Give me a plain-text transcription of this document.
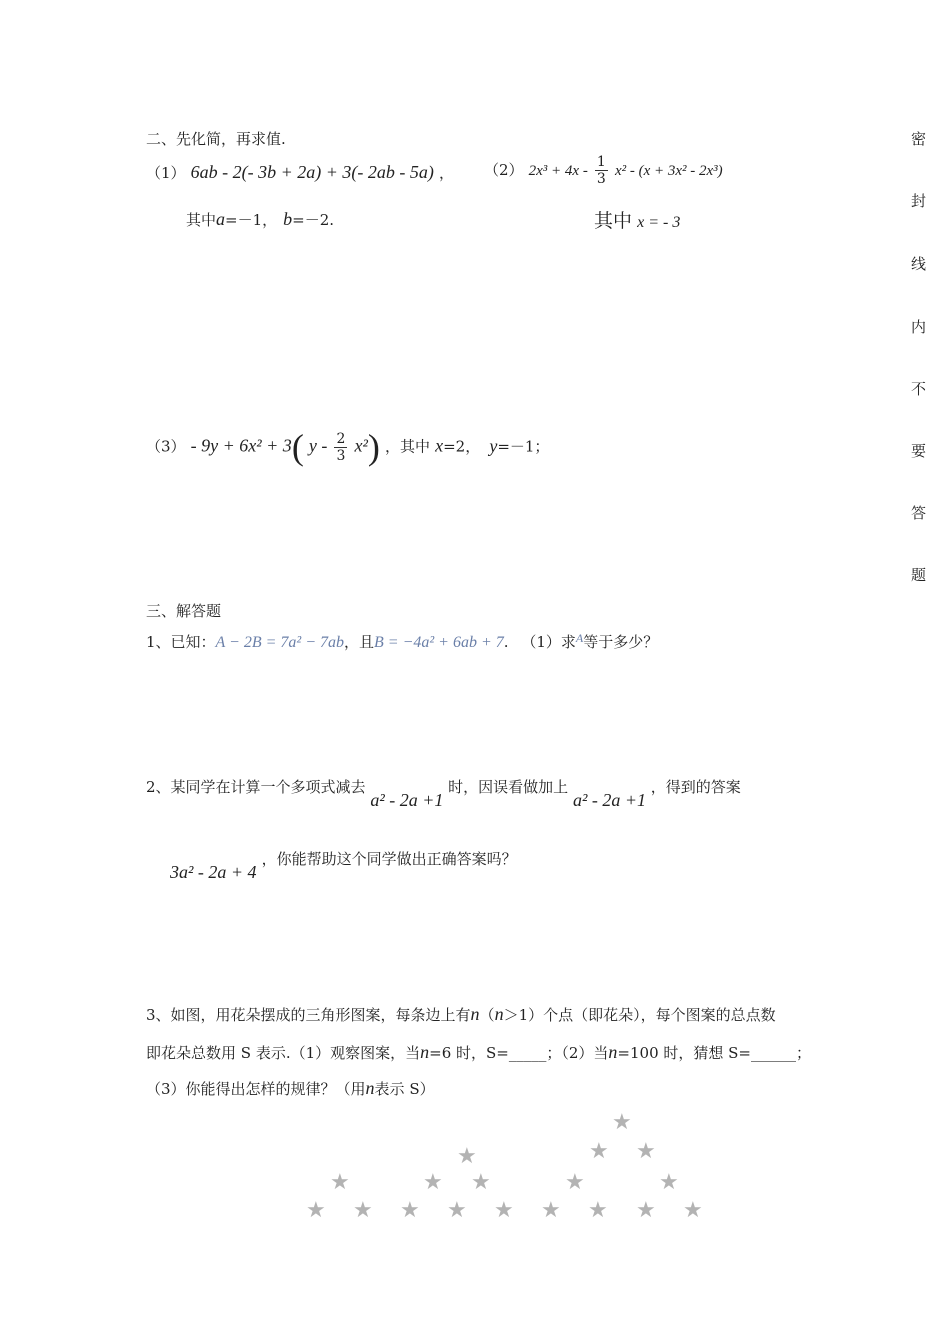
密
封
线
内
不
要
答
题
二、先化简，再求值.
（1） 6ab - 2(- 3b + 2a) + 3(- 2ab - 5a) ，
其中a=－1， b=－2.
（2） $2x^3 + 4x - \frac{1}{3} x^2 - (x + 3x^2 - 2x^3)$
其中 x = - 3
（3） - 9y + 6x² + 3( y - $\frac{2}{3} x^2$) ，其中 x=2， y=－1；
三、解答题
1、已知：A − 2B = 7a² − 7ab，且B = −4a² + 6ab + 7. （1）求$^A$等于多少？
2、某同学在计算一个多项式减去 a² - 2a +1 时，因误看做加上 a² - 2a +1 ，得到的答案
3a² - 2a + 4 ，你能帮助这个同学做出正确答案吗？
3、如图，用花朵摆成的三角形图案，每条边上有n（n＞1）个点（即花朵），每个图案的总点数
即花朵总数用 S 表示.（1）观察图案，当n=6 时，S=_____；（2）当n=100 时，猜想 S=______；
（3）你能得出怎样的规律？（用n表示 S）
★
★ ★
★
★ ★
★ ★ ★
★
★ ★
★	★
★ ★ ★ ★
